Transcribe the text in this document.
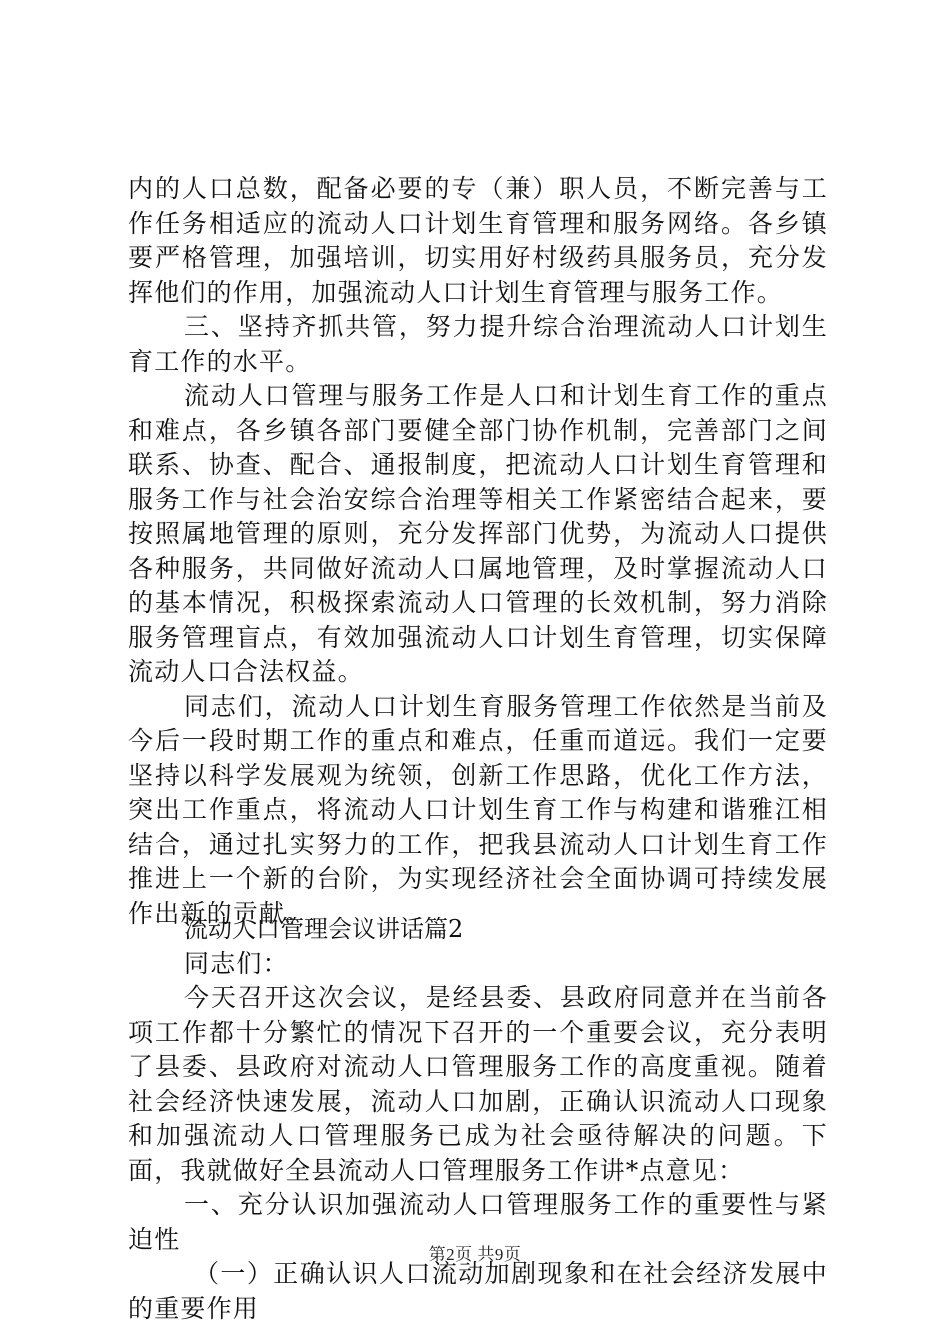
内的人口总数，配备必要的专（兼）职人员，不断完善与工作任务相适应的流动人口计划生育管理和服务网络。各乡镇要严格管理，加强培训，切实用好村级药具服务员，充分发挥他们的作用，加强流动人口计划生育管理与服务工作。

三、坚持齐抓共管，努力提升综合治理流动人口计划生育工作的水平。

流动人口管理与服务工作是人口和计划生育工作的重点和难点，各乡镇各部门要健全部门协作机制，完善部门之间联系、协查、配合、通报制度，把流动人口计划生育管理和服务工作与社会治安综合治理等相关工作紧密结合起来，要按照属地管理的原则，充分发挥部门优势，为流动人口提供各种服务，共同做好流动人口属地管理，及时掌握流动人口的基本情况，积极探索流动人口管理的长效机制，努力消除服务管理盲点，有效加强流动人口计划生育管理，切实保障流动人口合法权益。

同志们，流动人口计划生育服务管理工作依然是当前及今后一段时期工作的重点和难点，任重而道远。我们一定要坚持以科学发展观为统领，创新工作思路，优化工作方法，突出工作重点，将流动人口计划生育工作与构建和谐雅江相结合，通过扎实努力的工作，把我县流动人口计划生育工作推进上一个新的台阶，为实现经济社会全面协调可持续发展作出新的贡献。

流动人口管理会议讲话篇2

同志们：

今天召开这次会议，是经县委、县政府同意并在当前各项工作都十分繁忙的情况下召开的一个重要会议，充分表明了县委、县政府对流动人口管理服务工作的高度重视。随着社会经济快速发展，流动人口加剧，正确认识流动人口现象和加强流动人口管理服务已成为社会亟待解决的问题。下面，我就做好全县流动人口管理服务工作讲*点意见：

一、充分认识加强流动人口管理服务工作的重要性与紧迫性

（一）正确认识人口流动加剧现象和在社会经济发展中的重要作用

第2页 共9页
